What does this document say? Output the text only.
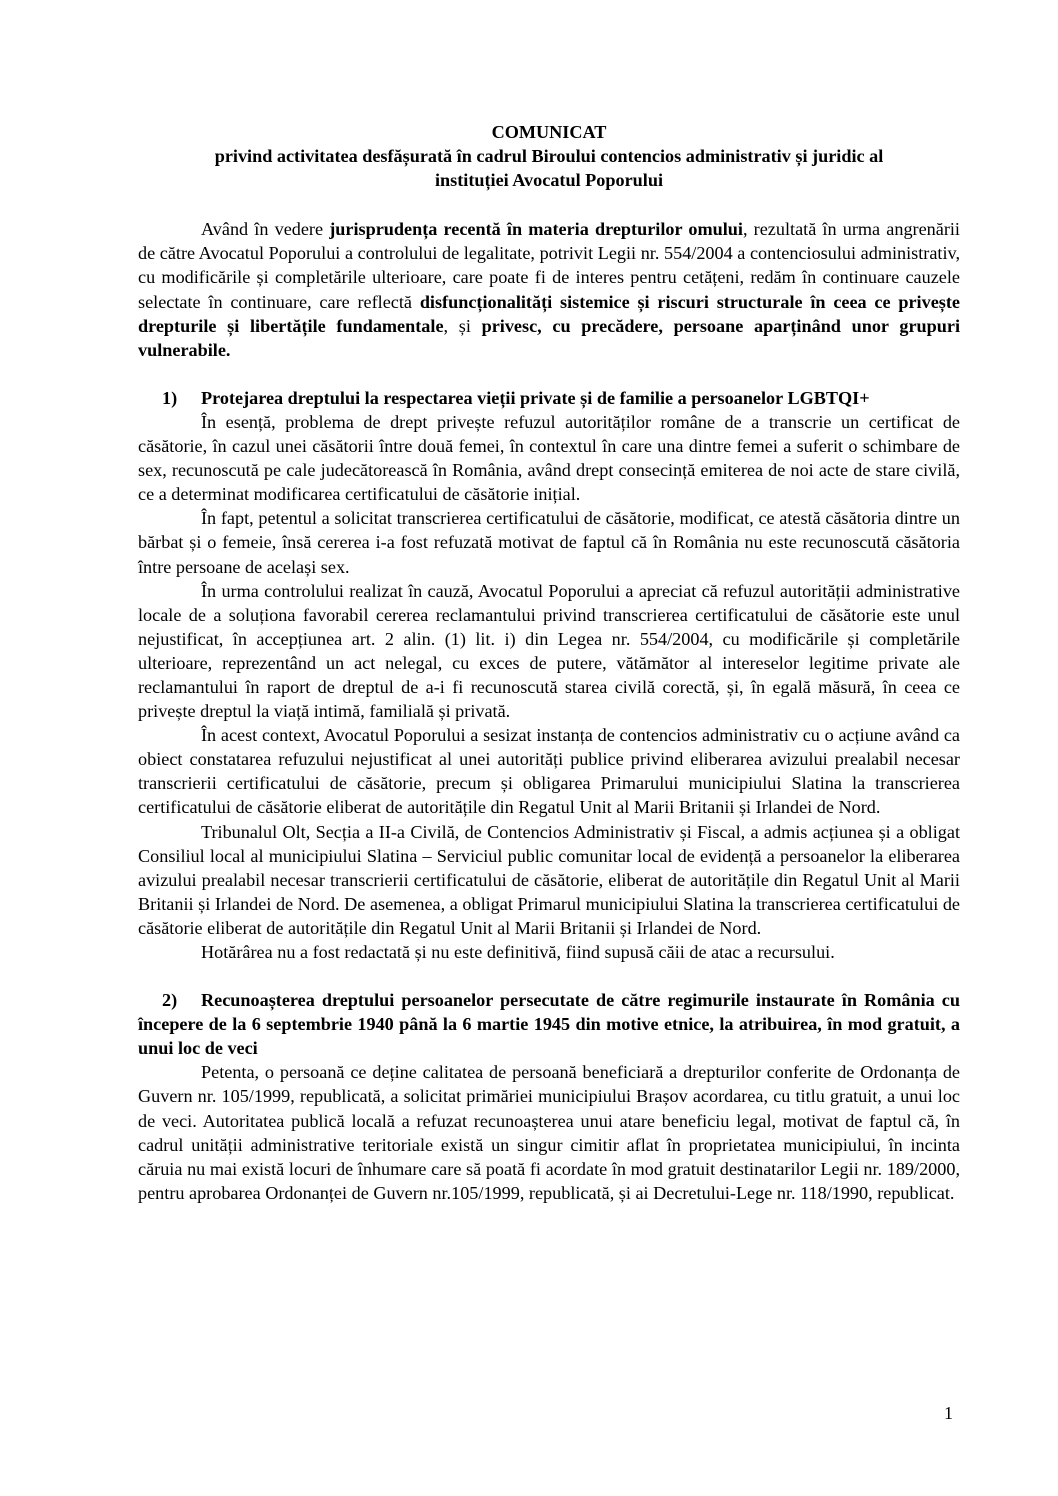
COMUNICAT
privind activitatea desfășurată în cadrul Biroului contencios administrativ și juridic al
instituției Avocatul Poporului

Având în vedere jurisprudența recentă în materia drepturilor omului, rezultată în urma angrenării de către Avocatul Poporului a controlului de legalitate, potrivit Legii nr. 554/2004 a contenciosului administrativ, cu modificările și completările ulterioare, care poate fi de interes pentru cetățeni, redăm în continuare cauzele selectate în continuare, care reflectă disfuncționalități sistemice și riscuri structurale în ceea ce privește drepturile și libertățile fundamentale, și privesc, cu precădere, persoane aparținând unor grupuri vulnerabile.

1) Protejarea dreptului la respectarea vieții private și de familie a persoanelor LGBTQI+

În esență, problema de drept privește refuzul autorităților române de a transcrie un certificat de căsătorie, în cazul unei căsătorii între două femei, în contextul în care una dintre femei a suferit o schimbare de sex, recunoscută pe cale judecătorească în România, având drept consecință emiterea de noi acte de stare civilă, ce a determinat modificarea certificatului de căsătorie inițial.

În fapt, petentul a solicitat transcrierea certificatului de căsătorie, modificat, ce atestă căsătoria dintre un bărbat și o femeie, însă cererea i-a fost refuzată motivat de faptul că în România nu este recunoscută căsătoria între persoane de același sex.

În urma controlului realizat în cauză, Avocatul Poporului a apreciat că refuzul autorității administrative locale de a soluționa favorabil cererea reclamantului privind transcrierea certificatului de căsătorie este unul nejustificat, în accepțiunea art. 2 alin. (1) lit. i) din Legea nr. 554/2004, cu modificările și completările ulterioare, reprezentând un act nelegal, cu exces de putere, vătămător al intereselor legitime private ale reclamantului în raport de dreptul de a-i fi recunoscută starea civilă corectă, și, în egală măsură, în ceea ce privește dreptul la viață intimă, familială și privată.

În acest context, Avocatul Poporului a sesizat instanța de contencios administrativ cu o acțiune având ca obiect constatarea refuzului nejustificat al unei autorități publice privind eliberarea avizului prealabil necesar transcrierii certificatului de căsătorie, precum și obligarea Primarului municipiului Slatina la transcrierea certificatului de căsătorie eliberat de autoritățile din Regatul Unit al Marii Britanii și Irlandei de Nord.

Tribunalul Olt, Secția a II-a Civilă, de Contencios Administrativ și Fiscal, a admis acțiunea și a obligat Consiliul local al municipiului Slatina – Serviciul public comunitar local de evidență a persoanelor la eliberarea avizului prealabil necesar transcrierii certificatului de căsătorie, eliberat de autoritățile din Regatul Unit al Marii Britanii și Irlandei de Nord. De asemenea, a obligat Primarul municipiului Slatina la transcrierea certificatului de căsătorie eliberat de autoritățile din Regatul Unit al Marii Britanii și Irlandei de Nord.

Hotărârea nu a fost redactată și nu este definitivă, fiind supusă căii de atac a recursului.

2) Recunoașterea dreptului persoanelor persecutate de către regimurile instaurate în România cu începere de la 6 septembrie 1940 până la 6 martie 1945 din motive etnice, la atribuirea, în mod gratuit, a unui loc de veci

Petenta, o persoană ce deține calitatea de persoană beneficiară a drepturilor conferite de Ordonanța de Guvern nr. 105/1999, republicată, a solicitat primăriei municipiului Brașov acordarea, cu titlu gratuit, a unui loc de veci. Autoritatea publică locală a refuzat recunoașterea unui atare beneficiu legal, motivat de faptul că, în cadrul unității administrative teritoriale există un singur cimitir aflat în proprietatea municipiului, în incinta căruia nu mai există locuri de înhumare care să poată fi acordate în mod gratuit destinatarilor Legii nr. 189/2000, pentru aprobarea Ordonanței de Guvern nr.105/1999, republicată, și ai Decretului-Lege nr. 118/1990, republicat.

1
